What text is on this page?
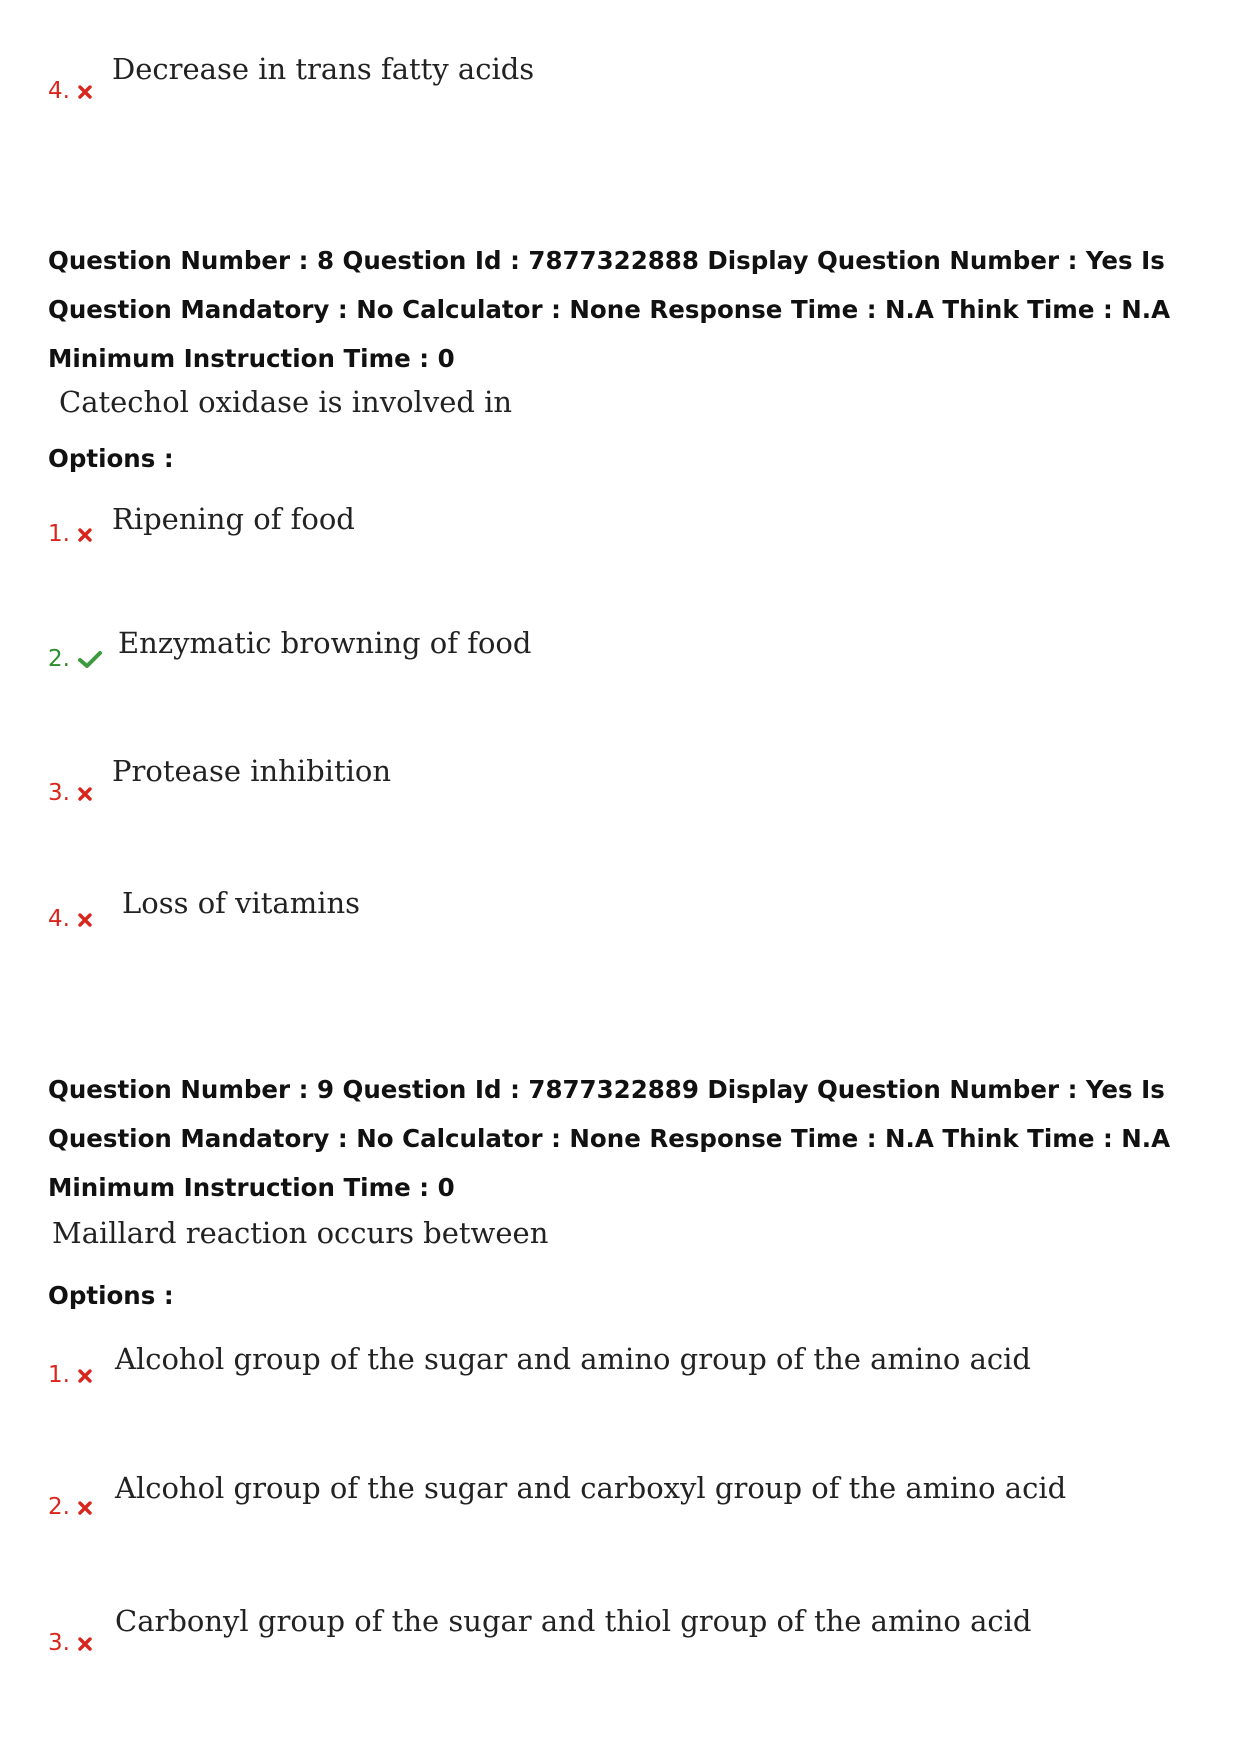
Decrease in trans fatty acids
4.
Question Number : 8 Question Id : 7877322888 Display Question Number : Yes Is Question Mandatory : No Calculator : None Response Time : N.A Think Time : N.A Minimum Instruction Time : 0
Catechol oxidase is involved in
Options :
Ripening of food
1.
Enzymatic browning of food
2.
Protease inhibition
3.
Loss of vitamins
4.
Question Number : 9 Question Id : 7877322889 Display Question Number : Yes Is Question Mandatory : No Calculator : None Response Time : N.A Think Time : N.A Minimum Instruction Time : 0
Maillard reaction occurs between
Options :
Alcohol group of the sugar and amino group of the amino acid
1.
Alcohol group of the sugar and carboxyl group of the amino acid
2.
Carbonyl group of the sugar and thiol group of the amino acid
3.
